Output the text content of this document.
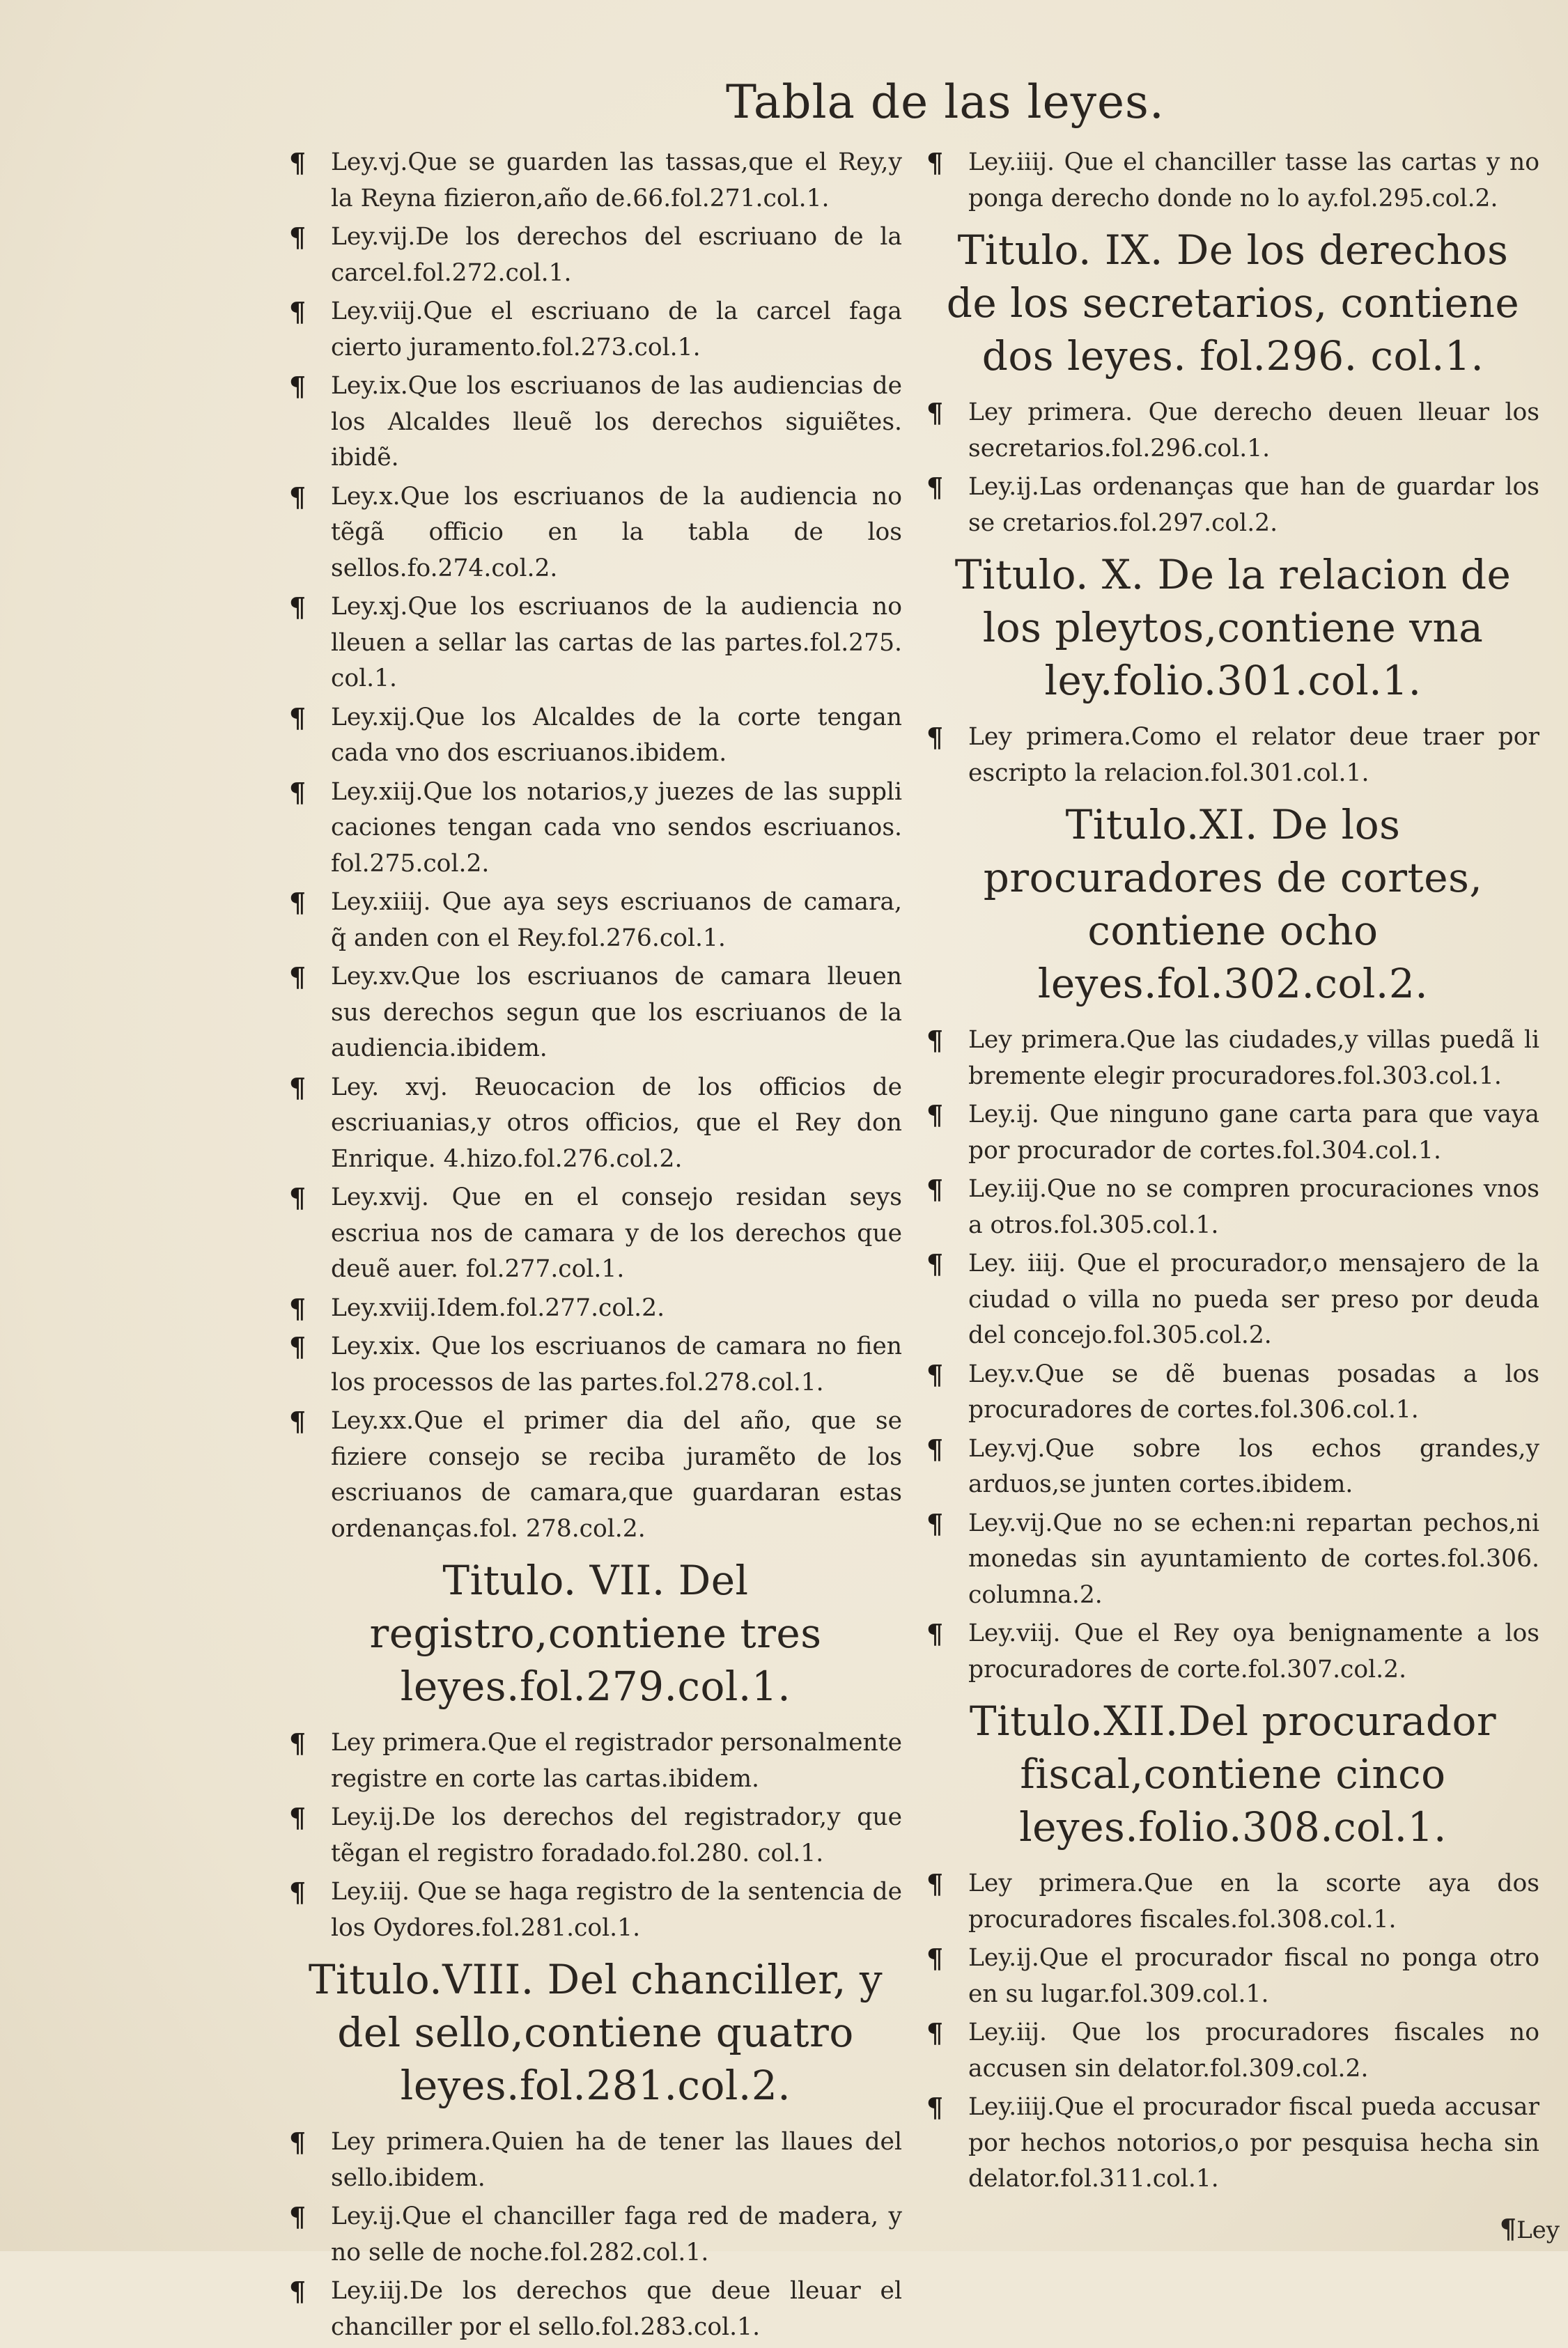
Tabla de las leyes.
¶ Ley.vj.Que se guarden las tassas,que el Rey,y la Reyna fizieron,año de.66.fol.271.col.1.
¶ Ley.vij.De los derechos del escriuano de la carcel.fol.272.col.1.
¶ Ley.viij.Que el escriuano de la carcel faga cierto juramento.fol.273.col.1.
¶ Ley.ix.Que los escriuanos de las audiencias de los Alcaldes lleuẽ los derechos siguiẽtes. ibidẽ.
¶ Ley.x.Que los escriuanos de la audiencia no tẽgã officio en la tabla de los sellos.fo.274.col.2.
¶ Ley.xj.Que los escriuanos de la audiencia no lleuen a sellar las cartas de las partes.fol.275. col.1.
¶ Ley.xij.Que los Alcaldes de la corte tengan cada vno dos escriuanos.ibidem.
¶ Ley.xiij.Que los notarios,y juezes de las suppli caciones tengan cada vno sendos escriuanos. fol.275.col.2.
¶ Ley.xiiij. Que aya seys escriuanos de camara, q̃ anden con el Rey.fol.276.col.1.
¶ Ley.xv.Que los escriuanos de camara lleuen sus derechos segun que los escriuanos de la audiencia.ibidem.
¶ Ley. xvj. Reuocacion de los officios de escriuanias,y otros officios, que el Rey don Enrique. 4.hizo.fol.276.col.2.
¶ Ley.xvij. Que en el consejo residan seys escriua nos de camara y de los derechos que deuẽ auer. fol.277.col.1.
¶ Ley.xviij.Idem.fol.277.col.2.
¶ Ley.xix. Que los escriuanos de camara no fien los processos de las partes.fol.278.col.1.
¶ Ley.xx.Que el primer dia del año, que se fiziere consejo se reciba juramẽto de los escriuanos de camara,que guardaran estas ordenanças.fol. 278.col.2.
Titulo. VII. Del registro,contiene tres leyes.fol.279.col.1.
¶ Ley primera.Que el registrador personalmente registre en corte las cartas.ibidem.
¶ Ley.ij.De los derechos del registrador,y que tẽgan el registro foradado.fol.280. col.1.
¶ Ley.iij. Que se haga registro de la sentencia de los Oydores.fol.281.col.1.
Titulo.VIII. Del chanciller, y del sello,contiene quatro leyes.fol.281.col.2.
¶ Ley primera.Quien ha de tener las llaues del sello.ibidem.
¶ Ley.ij.Que el chanciller faga red de madera, y no selle de noche.fol.282.col.1.
¶ Ley.iij.De los derechos que deue lleuar el chanciller por el sello.fol.283.col.1.
¶ Ley.iiij. Que el chanciller tasse las cartas y no ponga derecho donde no lo ay.fol.295.col.2.
Titulo. IX. De los derechos de los secretarios, contiene dos leyes. fol.296. col.1.
¶ Ley primera. Que derecho deuen lleuar los secretarios.fol.296.col.1.
¶ Ley.ij.Las ordenanças que han de guardar los se cretarios.fol.297.col.2.
Titulo. X. De la relacion de los pleytos,contiene vna ley.folio.301.col.1.
¶ Ley primera.Como el relator deue traer por escripto la relacion.fol.301.col.1.
Titulo.XI. De los procuradores de cortes, contiene ocho leyes.fol.302.col.2.
¶ Ley primera.Que las ciudades,y villas puedã li bremente elegir procuradores.fol.303.col.1.
¶ Ley.ij. Que ninguno gane carta para que vaya por procurador de cortes.fol.304.col.1.
¶ Ley.iij.Que no se compren procuraciones vnos a otros.fol.305.col.1.
¶ Ley. iiij. Que el procurador,o mensajero de la ciudad o villa no pueda ser preso por deuda del concejo.fol.305.col.2.
¶ Ley.v.Que se dẽ buenas posadas a los procuradores de cortes.fol.306.col.1.
¶ Ley.vj.Que sobre los echos grandes,y arduos,se junten cortes.ibidem.
¶ Ley.vij.Que no se echen:ni repartan pechos,ni monedas sin ayuntamiento de cortes.fol.306. columna.2.
¶ Ley.viij. Que el Rey oya benignamente a los procuradores de corte.fol.307.col.2.
Titulo.XII.Del procurador fiscal,contiene cinco leyes.folio.308.col.1.
¶ Ley primera.Que en la scorte aya dos procuradores fiscales.fol.308.col.1.
¶ Ley.ij.Que el procurador fiscal no ponga otro en su lugar.fol.309.col.1.
¶ Ley.iij. Que los procuradores fiscales no accusen sin delator.fol.309.col.2.
¶ Ley.iiij.Que el procurador fiscal pueda accusar por hechos notorios,o por pesquisa hecha sin delator.fol.311.col.1.
¶Ley
